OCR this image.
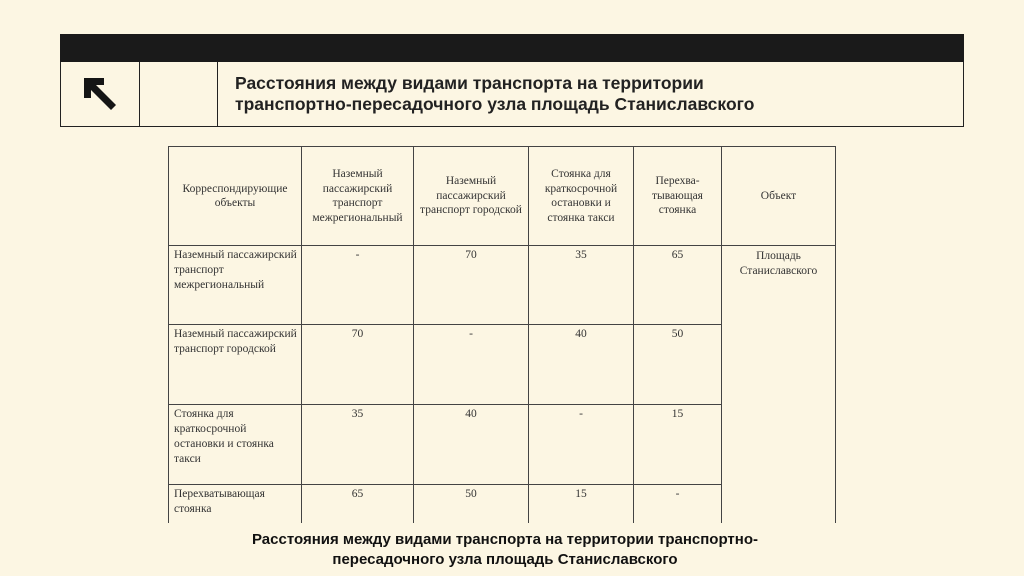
Расстояния между видами транспорта на территории
транспортно-пересадочного узла площадь Станиславского
Корреспондирующие объекты	Наземный пассажирский транспорт межрегиональный	Наземный пассажирский транспорт городской	Стоянка для краткосрочной остановки и стоянка такси	Перехва-тывающая стоянка	Объект
Наземный пассажирский транспорт межрегиональный	-	70	35	65	Площадь Станиславского
Наземный пассажирский транспорт городской	70	-	40	50	
Стоянка для краткосрочной остановки и стоянка такси	35	40	-	15	
Перехватывающая стоянка	65	50	15	-	
Расстояния между видами транспорта на территории транспортно-
пересадочного узла площадь Станиславского
